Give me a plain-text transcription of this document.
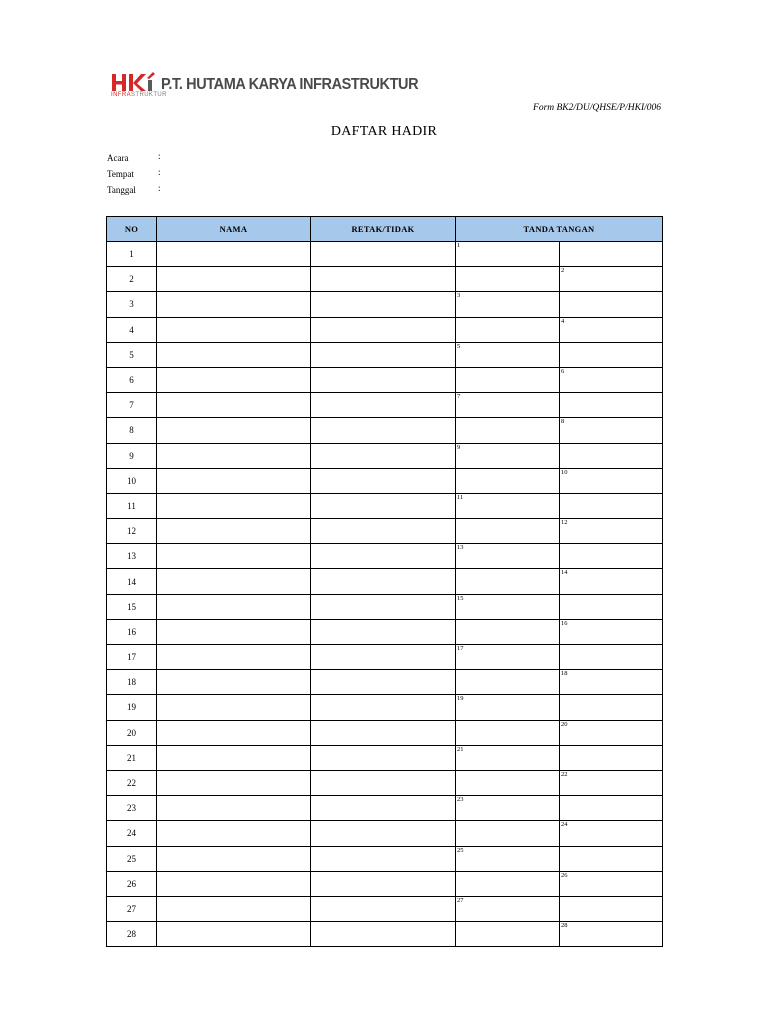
INFRASTRUKTUR
P.T. HUTAMA KARYA INFRASTRUKTUR
Form BK2/DU/QHSE/P/HKI/006
DAFTAR HADIR
Acara	:
Tempat	:
Tanggal :
NO	NAMA	RETAK/TIDAK	TANDA TANGAN	
1			1	

2				2

3			3	

4				4

5			5	

6				6

7			7	

8				8

9			9	

10				10

11			11	

12				12

13			13	

14				14

15			15	

16				16

17			17	

18				18

19			19	

20				20

21			21	

22				22

23			23	

24				24

25			25	

26				26

27			27	

28				28
